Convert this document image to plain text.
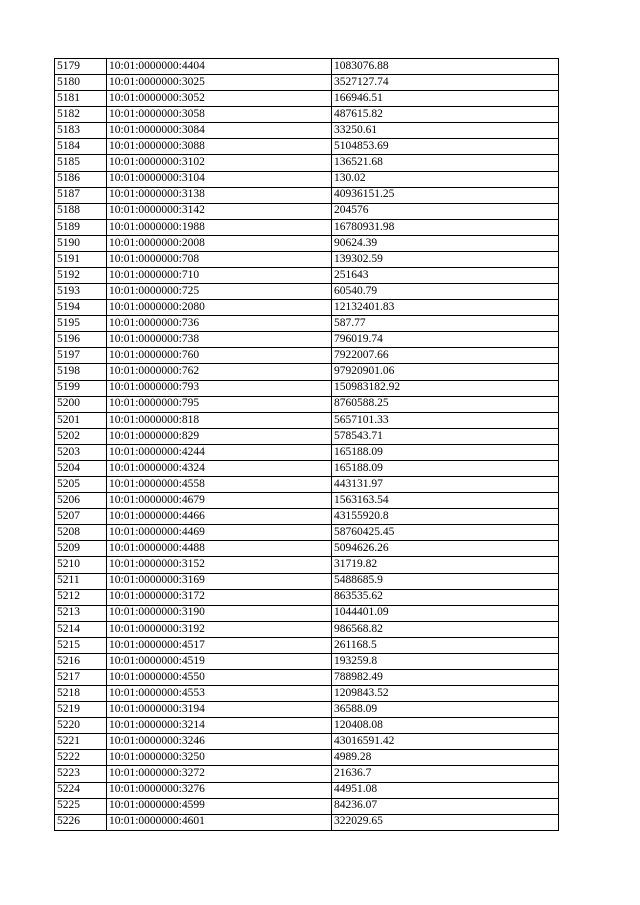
5179	10:01:0000000:4404	1083076.88
5180	10:01:0000000:3025	3527127.74
5181	10:01:0000000:3052	166946.51
5182	10:01:0000000:3058	487615.82
5183	10:01:0000000:3084	33250.61
5184	10:01:0000000:3088	5104853.69
5185	10:01:0000000:3102	136521.68
5186	10:01:0000000:3104	130.02
5187	10:01:0000000:3138	40936151.25
5188	10:01:0000000:3142	204576
5189	10:01:0000000:1988	16780931.98
5190	10:01:0000000:2008	90624.39
5191	10:01:0000000:708	139302.59
5192	10:01:0000000:710	251643
5193	10:01:0000000:725	60540.79
5194	10:01:0000000:2080	12132401.83
5195	10:01:0000000:736	587.77
5196	10:01:0000000:738	796019.74
5197	10:01:0000000:760	7922007.66
5198	10:01:0000000:762	97920901.06
5199	10:01:0000000:793	150983182.92
5200	10:01:0000000:795	8760588.25
5201	10:01:0000000:818	5657101.33
5202	10:01:0000000:829	578543.71
5203	10:01:0000000:4244	165188.09
5204	10:01:0000000:4324	165188.09
5205	10:01:0000000:4558	443131.97
5206	10:01:0000000:4679	1563163.54
5207	10:01:0000000:4466	43155920.8
5208	10:01:0000000:4469	58760425.45
5209	10:01:0000000:4488	5094626.26
5210	10:01:0000000:3152	31719.82
5211	10:01:0000000:3169	5488685.9
5212	10:01:0000000:3172	863535.62
5213	10:01:0000000:3190	1044401.09
5214	10:01:0000000:3192	986568.82
5215	10:01:0000000:4517	261168.5
5216	10:01:0000000:4519	193259.8
5217	10:01:0000000:4550	788982.49
5218	10:01:0000000:4553	1209843.52
5219	10:01:0000000:3194	36588.09
5220	10:01:0000000:3214	120408.08
5221	10:01:0000000:3246	43016591.42
5222	10:01:0000000:3250	4989.28
5223	10:01:0000000:3272	21636.7
5224	10:01:0000000:3276	44951.08
5225	10:01:0000000:4599	84236.07
5226	10:01:0000000:4601	322029.65
